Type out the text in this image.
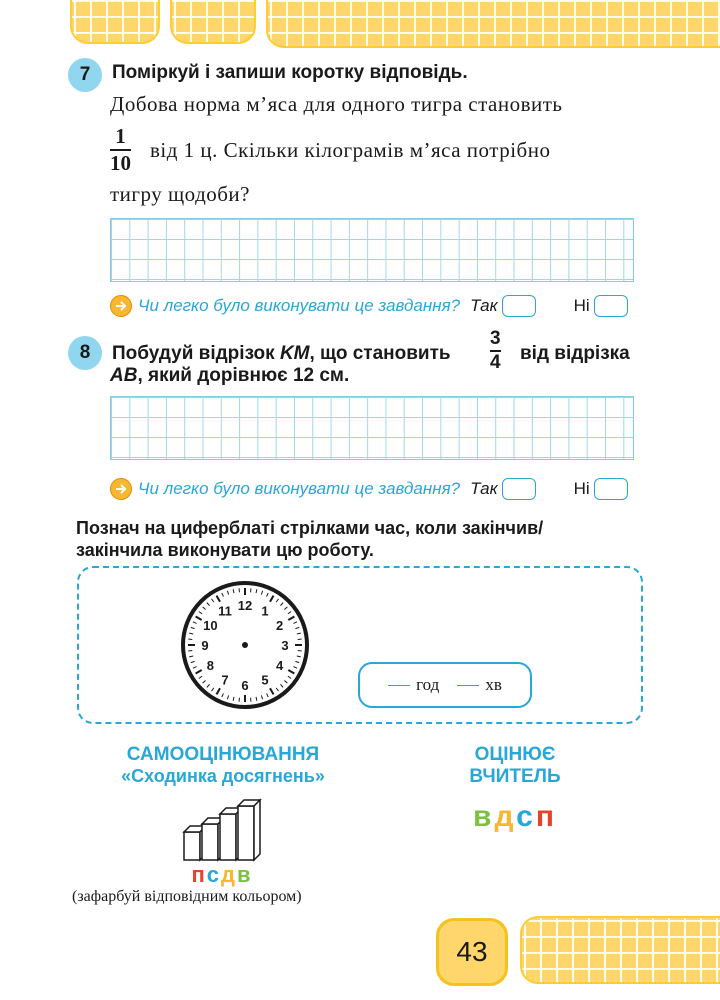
7	Поміркуй і запиши коротку відповідь.
Добова норма м’яса для одного тигра становить
1
10
від 1 ц. Скільки кілограмів м’яса потрібно
тигру щодоби?
Чи легко було виконувати це завдання? Так	Ні
8	Побудуй відрізок KM, що становить
3
4 від відрізка
AB, який дорівнює 12 см.
Чи легко було виконувати це завдання? Так	Ні
Познач на циферблаті стрілками час, коли закінчив/
закінчила виконувати цю роботу.
12 1
2
3
4
5
6
7
8
9
10
11
год	хв
САМООЦІНЮВАННЯ
«Сходинка досягнень»
псдв
(зафарбуй відповідним кольором)
ОЦІНЮЄ
ВЧИТЕЛЬ
вдсп
43
